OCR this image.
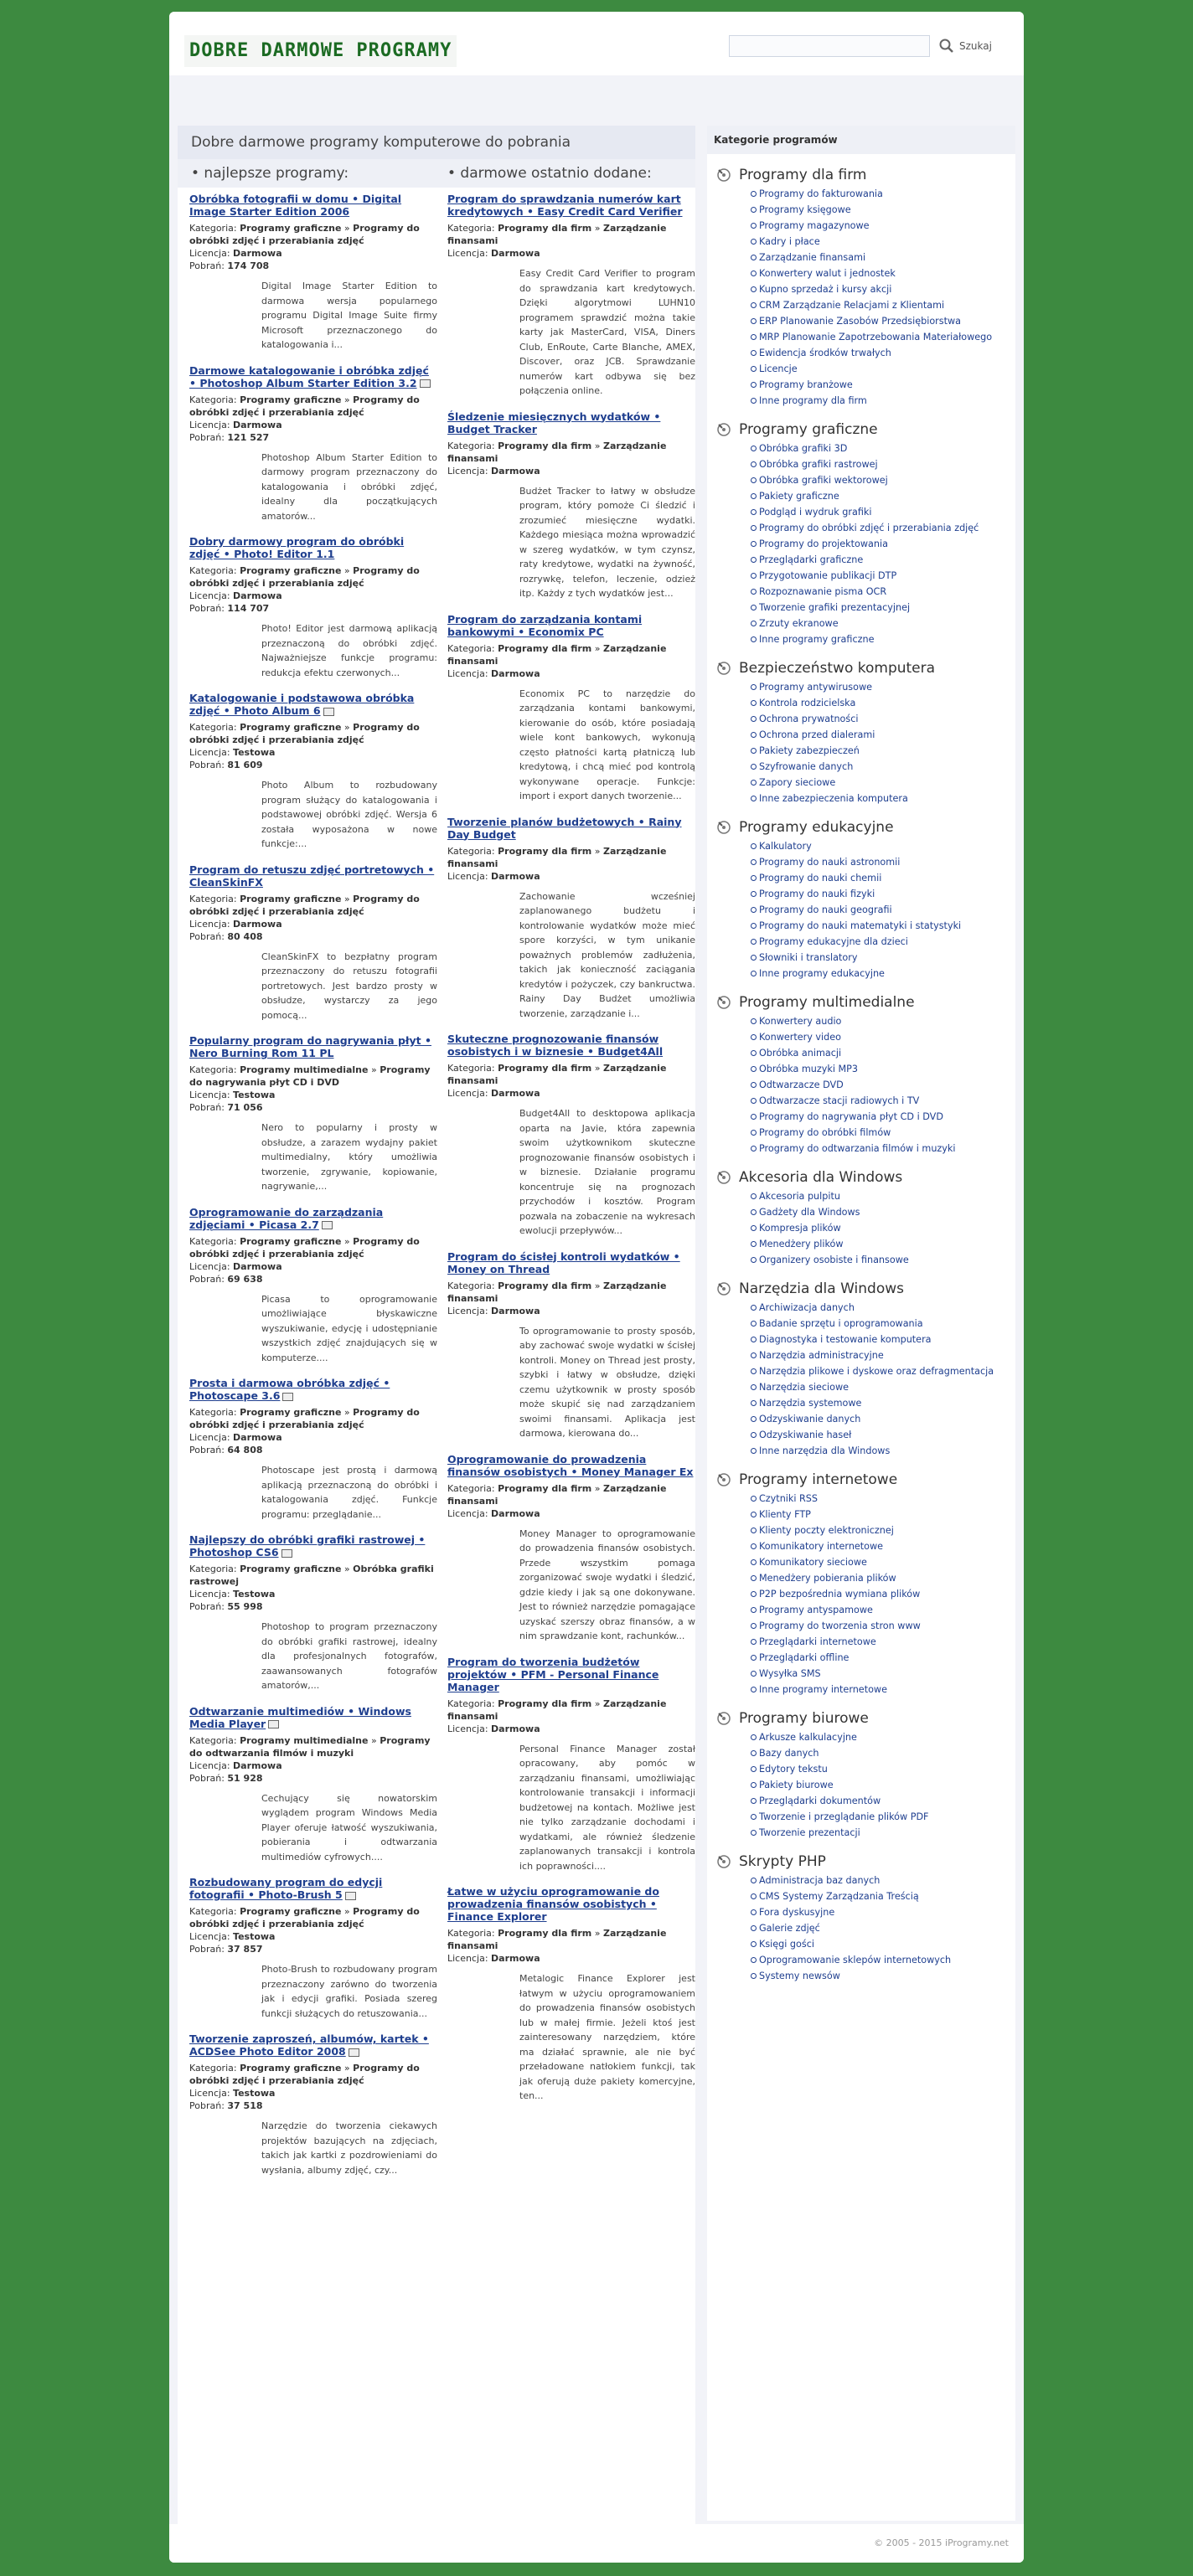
DOBRE DARMOWE PROGRAMY	Szukaj
Dobre darmowe programy komputerowe do pobrania
• najlepsze programy:	• darmowe ostatnio dodane:
Obróbka fotografii w domu • Digital Image Starter Edition 2006
Kategoria: Programy graficzne » Programy do obróbki zdjęć i przerabiania zdjęć
Licencja: Darmowa
Pobrań: 174 708
Digital Image Starter Edition to darmowa wersja popularnego programu Digital Image Suite firmy Microsoft przeznaczonego do katalogowania i...
Darmowe katalogowanie i obróbka zdjęć • Photoshop Album Starter Edition 3.2
Kategoria: Programy graficzne » Programy do obróbki zdjęć i przerabiania zdjęć
Licencja: Darmowa
Pobrań: 121 527
Photoshop Album Starter Edition to darmowy program przeznaczony do katalogowania i obróbki zdjęć, idealny dla początkujących amatorów...
Dobry darmowy program do obróbki zdjęć • Photo! Editor 1.1
Kategoria: Programy graficzne » Programy do obróbki zdjęć i przerabiania zdjęć
Licencja: Darmowa
Pobrań: 114 707
Photo! Editor jest darmową aplikacją przeznaczoną do obróbki zdjęć. Najważniejsze funkcje programu: redukcja efektu czerwonych...
Katalogowanie i podstawowa obróbka zdjęć • Photo Album 6
Kategoria: Programy graficzne » Programy do obróbki zdjęć i przerabiania zdjęć
Licencja: Testowa
Pobrań: 81 609
Photo Album to rozbudowany program służący do katalogowania i podstawowej obróbki zdjęć. Wersja 6 została wyposażona w nowe funkcje:...
Program do retuszu zdjęć portretowych • CleanSkinFX
Kategoria: Programy graficzne » Programy do obróbki zdjęć i przerabiania zdjęć
Licencja: Darmowa
Pobrań: 80 408
CleanSkinFX to bezpłatny program przeznaczony do retuszu fotografii portretowych. Jest bardzo prosty w obsłudze, wystarczy za jego pomocą...
Popularny program do nagrywania płyt • Nero Burning Rom 11 PL
Kategoria: Programy multimedialne » Programy do nagrywania płyt CD i DVD
Licencja: Testowa
Pobrań: 71 056
Nero to popularny i prosty w obsłudze, a zarazem wydajny pakiet multimedialny, który umożliwia tworzenie, zgrywanie, kopiowanie, nagrywanie,...
Oprogramowanie do zarządzania zdjęciami • Picasa 2.7
Kategoria: Programy graficzne » Programy do obróbki zdjęć i przerabiania zdjęć
Licencja: Darmowa
Pobrań: 69 638
Picasa to oprogramowanie umożliwiające błyskawiczne wyszukiwanie, edycję i udostępnianie wszystkich zdjęć znajdujących się w komputerze....
Prosta i darmowa obróbka zdjęć • Photoscape 3.6
Kategoria: Programy graficzne » Programy do obróbki zdjęć i przerabiania zdjęć
Licencja: Darmowa
Pobrań: 64 808
Photoscape jest prostą i darmową aplikacją przeznaczoną do obróbki i katalogowania zdjęć. Funkcje programu: przeglądanie...
Najlepszy do obróbki grafiki rastrowej • Photoshop CS6
Kategoria: Programy graficzne » Obróbka grafiki rastrowej
Licencja: Testowa
Pobrań: 55 998
Photoshop to program przeznaczony do obróbki grafiki rastrowej, idealny dla profesjonalnych fotografów, zaawansowanych fotografów amatorów,...
Odtwarzanie multimediów • Windows Media Player
Kategoria: Programy multimedialne » Programy do odtwarzania filmów i muzyki
Licencja: Darmowa
Pobrań: 51 928
Cechujący się nowatorskim wyglądem program Windows Media Player oferuje łatwość wyszukiwania, pobierania i odtwarzania multimediów cyfrowych....
Rozbudowany program do edycji fotografii • Photo-Brush 5
Kategoria: Programy graficzne » Programy do obróbki zdjęć i przerabiania zdjęć
Licencja: Testowa
Pobrań: 37 857
Photo-Brush to rozbudowany program przeznaczony zarówno do tworzenia jak i edycji grafiki. Posiada szereg funkcji służących do retuszowania...
Tworzenie zaproszeń, albumów, kartek • ACDSee Photo Editor 2008
Kategoria: Programy graficzne » Programy do obróbki zdjęć i przerabiania zdjęć
Licencja: Testowa
Pobrań: 37 518
Narzędzie do tworzenia ciekawych projektów bazujących na zdjęciach, takich jak kartki z pozdrowieniami do wysłania, albumy zdjęć, czy...
Program do sprawdzania numerów kart kredytowych • Easy Credit Card Verifier
Kategoria: Programy dla firm » Zarządzanie finansami
Licencja: Darmowa
Easy Credit Card Verifier to program do sprawdzania kart kredytowych. Dzięki algorytmowi LUHN10 programem sprawdzić można takie karty jak MasterCard, VISA, Diners Club, EnRoute, Carte Blanche, AMEX, Discover, oraz JCB. Sprawdzanie numerów kart odbywa się bez połączenia online.
Śledzenie miesięcznych wydatków • Budget Tracker
Kategoria: Programy dla firm » Zarządzanie finansami
Licencja: Darmowa
Budżet Tracker to łatwy w obsłudze program, który pomoże Ci śledzić i zrozumieć miesięczne wydatki. Każdego miesiąca można wprowadzić w szereg wydatków, w tym czynsz, raty kredytowe, wydatki na żywność, rozrywkę, telefon, leczenie, odzież itp. Każdy z tych wydatków jest...
Program do zarządzania kontami bankowymi • Economix PC
Kategoria: Programy dla firm » Zarządzanie finansami
Licencja: Darmowa
Economix PC to narzędzie do zarządzania kontami bankowymi, kierowanie do osób, które posiadają wiele kont bankowych, wykonują często płatności kartą płatniczą lub kredytową, i chcą mieć pod kontrolą wykonywane operacje. Funkcje: import i export danych tworzenie...
Tworzenie planów budżetowych • Rainy Day Budget
Kategoria: Programy dla firm » Zarządzanie finansami
Licencja: Darmowa
Zachowanie wcześniej zaplanowanego budżetu i kontrolowanie wydatków może mieć spore korzyści, w tym unikanie poważnych problemów zadłużenia, takich jak konieczność zaciągania kredytów i pożyczek, czy bankructwa. Rainy Day Budżet umożliwia tworzenie, zarządzanie i...
Skuteczne prognozowanie finansów osobistych i w biznesie • Budget4All
Kategoria: Programy dla firm » Zarządzanie finansami
Licencja: Darmowa
Budget4All to desktopowa aplikacja oparta na Javie, która zapewnia swoim użytkownikom skuteczne prognozowanie finansów osobistych i w biznesie. Działanie programu koncentruje się na prognozach przychodów i kosztów. Program pozwala na zobaczenie na wykresach ewolucji przepływów...
Program do ścisłej kontroli wydatków • Money on Thread
Kategoria: Programy dla firm » Zarządzanie finansami
Licencja: Darmowa
To oprogramowanie to prosty sposób, aby zachować swoje wydatki w ścisłej kontroli. Money on Thread jest prosty, szybki i łatwy w obsłudze, dzięki czemu użytkownik w prosty sposób może skupić się nad zarządzaniem swoimi finansami. Aplikacja jest darmowa, kierowana do...
Oprogramowanie do prowadzenia finansów osobistych • Money Manager Ex
Kategoria: Programy dla firm » Zarządzanie finansami
Licencja: Darmowa
Money Manager to oprogramowanie do prowadzenia finansów osobistych. Przede wszystkim pomaga zorganizować swoje wydatki i śledzić, gdzie kiedy i jak są one dokonywane. Jest to również narzędzie pomagające uzyskać szerszy obraz finansów, a w nim sprawdzanie kont, rachunków...
Program do tworzenia budżetów projektów • PFM - Personal Finance Manager
Kategoria: Programy dla firm » Zarządzanie finansami
Licencja: Darmowa
Personal Finance Manager został opracowany, aby pomóc w zarządzaniu finansami, umożliwiając kontrolowanie transakcji i informacji budżetowej na kontach. Możliwe jest nie tylko zarządzanie dochodami i wydatkami, ale również śledzenie zaplanowanych transakcji i kontrola ich poprawności....
Łatwe w użyciu oprogramowanie do prowadzenia finansów osobistych • Finance Explorer
Kategoria: Programy dla firm » Zarządzanie finansami
Licencja: Darmowa
Metalogic Finance Explorer jest łatwym w użyciu oprogramowaniem do prowadzenia finansów osobistych lub w małej firmie. Jeżeli ktoś jest zainteresowany narzędziem, które ma działać sprawnie, ale nie być przeładowane natłokiem funkcji, tak jak oferują duże pakiety komercyjne, ten...
Kategorie programów
Programy dla firm
Programy do fakturowania
Programy księgowe
Programy magazynowe
Kadry i płace
Zarządzanie finansami
Konwertery walut i jednostek
Kupno sprzedaż i kursy akcji
CRM Zarządzanie Relacjami z Klientami
ERP Planowanie Zasobów Przedsiębiorstwa
MRP Planowanie Zapotrzebowania Materiałowego
Ewidencja środków trwałych
Licencje
Programy branżowe
Inne programy dla firm
Programy graficzne
Obróbka grafiki 3D
Obróbka grafiki rastrowej
Obróbka grafiki wektorowej
Pakiety graficzne
Podgląd i wydruk grafiki
Programy do obróbki zdjęć i przerabiania zdjęć
Programy do projektowania
Przeglądarki graficzne
Przygotowanie publikacji DTP
Rozpoznawanie pisma OCR
Tworzenie grafiki prezentacyjnej
Zrzuty ekranowe
Inne programy graficzne
Bezpieczeństwo komputera
Programy antywirusowe
Kontrola rodzicielska
Ochrona prywatności
Ochrona przed dialerami
Pakiety zabezpieczeń
Szyfrowanie danych
Zapory sieciowe
Inne zabezpieczenia komputera
Programy edukacyjne
Kalkulatory
Programy do nauki astronomii
Programy do nauki chemii
Programy do nauki fizyki
Programy do nauki geografii
Programy do nauki matematyki i statystyki
Programy edukacyjne dla dzieci
Słowniki i translatory
Inne programy edukacyjne
Programy multimedialne
Konwertery audio
Konwertery video
Obróbka animacji
Obróbka muzyki MP3
Odtwarzacze DVD
Odtwarzacze stacji radiowych i TV
Programy do nagrywania płyt CD i DVD
Programy do obróbki filmów
Programy do odtwarzania filmów i muzyki
Akcesoria dla Windows
Akcesoria pulpitu
Gadżety dla Windows
Kompresja plików
Menedżery plików
Organizery osobiste i finansowe
Narzędzia dla Windows
Archiwizacja danych
Badanie sprzętu i oprogramowania
Diagnostyka i testowanie komputera
Narzędzia administracyjne
Narzędzia plikowe i dyskowe oraz defragmentacja
Narzędzia sieciowe
Narzędzia systemowe
Odzyskiwanie danych
Odzyskiwanie haseł
Inne narzędzia dla Windows
Programy internetowe
Czytniki RSS
Klienty FTP
Klienty poczty elektronicznej
Komunikatory internetowe
Komunikatory sieciowe
Menedżery pobierania plików
P2P bezpośrednia wymiana plików
Programy antyspamowe
Programy do tworzenia stron www
Przeglądarki internetowe
Przeglądarki offline
Wysyłka SMS
Inne programy internetowe
Programy biurowe
Arkusze kalkulacyjne
Bazy danych
Edytory tekstu
Pakiety biurowe
Przeglądarki dokumentów
Tworzenie i przeglądanie plików PDF
Tworzenie prezentacji
Skrypty PHP
Administracja baz danych
CMS Systemy Zarządzania Treścią
Fora dyskusyjne
Galerie zdjęć
Księgi gości
Oprogramowanie sklepów internetowych
Systemy newsów
© 2005 - 2015 iProgramy.net
